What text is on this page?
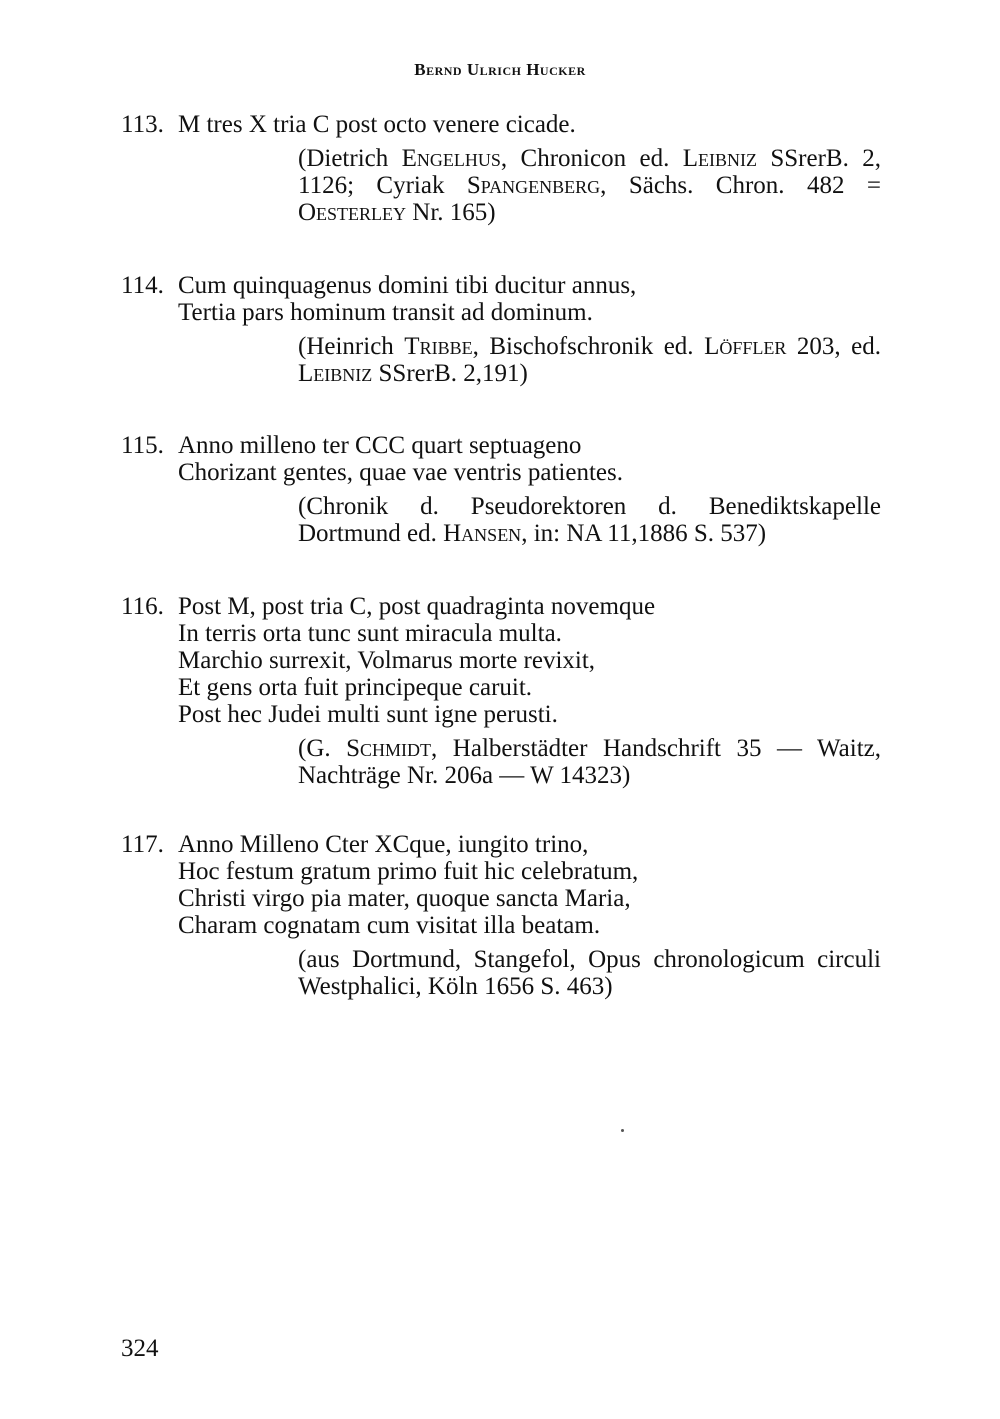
Bernd Ulrich Hucker
113. M tres X tria C post octo venere cicade.
(Dietrich Engelhus, Chronicon ed. Leibniz SSrerB. 2, 1126; Cyriak Spangenberg, Sächs. Chron. 482 = Oesterley Nr. 165)
114. Cum quinquagenus domini tibi ducitur annus,
Tertia pars hominum transit ad dominum.
(Heinrich Tribbe, Bischofschronik ed. Löffler 203, ed. Leibniz SSrerB. 2,191)
115. Anno milleno ter CCC quart septuageno
Chorizant gentes, quae vae ventris patientes.
(Chronik d. Pseudorektoren d. Benediktskapelle Dortmund ed. Hansen, in: NA 11,1886 S. 537)
116. Post M, post tria C, post quadraginta novemque
In terris orta tunc sunt miracula multa.
Marchio surrexit, Volmarus morte revixit,
Et gens orta fuit principeque caruit.
Post hec Judei multi sunt igne perusti.
(G. Schmidt, Halberstädter Handschrift 35 — Waitz, Nachträge Nr. 206a — W 14323)
117. Anno Milleno Cter XCque, iungito trino,
Hoc festum gratum primo fuit hic celebratum,
Christi virgo pia mater, quoque sancta Maria,
Charam cognatam cum visitat illa beatam.
(aus Dortmund, Stangefol, Opus chronologicum circuli Westphalici, Köln 1656 S. 463)
324
